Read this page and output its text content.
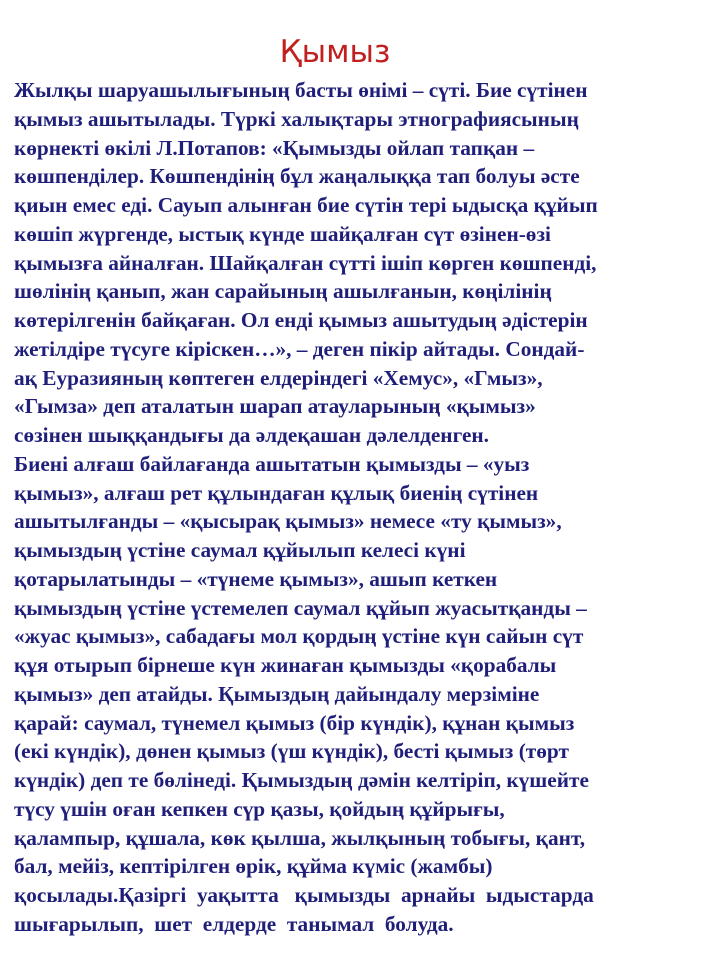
Қымыз
Жылқы шаруашылығының басты өнімі – сүті. Бие сүтінен
қымыз ашытылады. Түркі халықтары этнографиясының
көрнекті өкілі Л.Потапов: «Қымызды ойлап тапқан –
көшпенділер. Көшпендінің бұл жаңалыққа тап болуы әсте
қиын емес еді. Сауып алынған бие сүтін тері ыдысқа құйып
көшіп жүргенде, ыстық күнде шайқалған сүт өзінен-өзі
қымызға айналған. Шайқалған сүтті ішіп көрген көшпенді,
шөлінің қанып, жан сарайының ашылғанын, көңілінің
көтерілгенін байқаған. Ол енді қымыз ашытудың әдістерін
жетілдіре түсуге кірiскен…», – деген пікір айтады. Сондай-
ақ Еуразияның көптеген елдеріндегі «Хемус», «Гмыз»,
«Гымза» деп аталатын шарап атауларының «қымыз»
сөзінен шыққандығы да әлдеқашан дәлелденген.
Биені алғаш байлағанда ашытатын қымызды – «уыз
қымыз», алғаш рет құлындаған құлық биенің сүтінен
ашытылғанды – «қысырақ қымыз» немесе «ту қымыз»,
қымыздың үстіне саумал құйылып келесі күні
қотарылатынды – «түнеме қымыз», ашып кеткен
қымыздың үстіне үстемелеп саумал құйып жуасытқанды –
«жуас қымыз», сабадағы мол қордың үстіне күн сайын сүт
құя отырып бірнеше күн жинаған қымызды «қорабалы
қымыз» деп атайды. Қымыздың дайындалу мерзіміне
қарай: саумал, түнемел қымыз (бір күндік), құнан қымыз
(екі күндік), дөнен қымыз (үш күндік), бесті қымыз (төрт
күндік) деп те бөлінеді. Қымыздың дәмін келтіріп, күшейте
түсу үшін оған кепкен сүр қазы, қойдың құйрығы,
қалампыр, құшала, көк қылша, жылқының тобығы, қант,
бал, мейіз, кептірілген өрік, құйма күміс (жамбы)
қосылады.Қазіргі  уақытта   қымызды  арнайы  ыдыстарда
шығарылып,  шет  елдерде  танымал  болуда.
